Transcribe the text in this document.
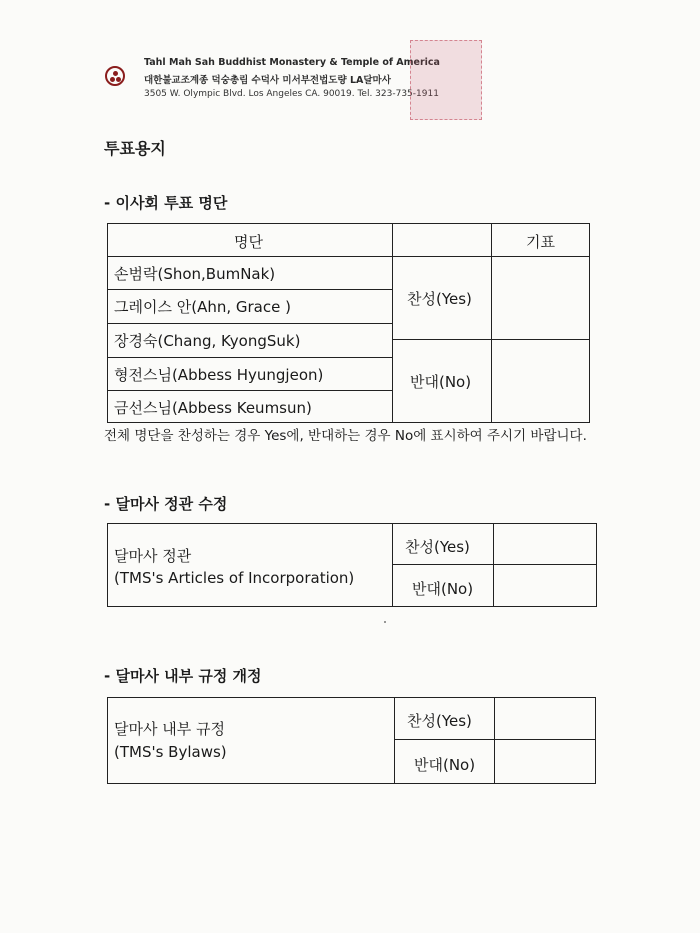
Tahl Mah Sah Buddhist Monastery & Temple of America
대한불교조계종 덕숭총림 수덕사 미서부전법도량 LA달마사
3505 W. Olympic Blvd. Los Angeles CA. 90019. Tel. 323-735-1911
투표용지
- 이사회 투표 명단
명단	기표
손범락(Shon,BumNak)
그레이스 안(Ahn, Grace )
장경숙(Chang, KyongSuk)
형전스님(Abbess Hyungjeon)
금선스님(Abbess Keumsun)
찬성(Yes)
반대(No)
전체 명단을 찬성하는 경우 Yes에, 반대하는 경우 No에 표시하여 주시기 바랍니다.
- 달마사 정관 수정
달마사 정관
(TMS's Articles of Incorporation)
찬성(Yes)
반대(No)
- 달마사 내부 규정 개정
달마사 내부 규정
(TMS's Bylaws)
찬성(Yes)
반대(No)
